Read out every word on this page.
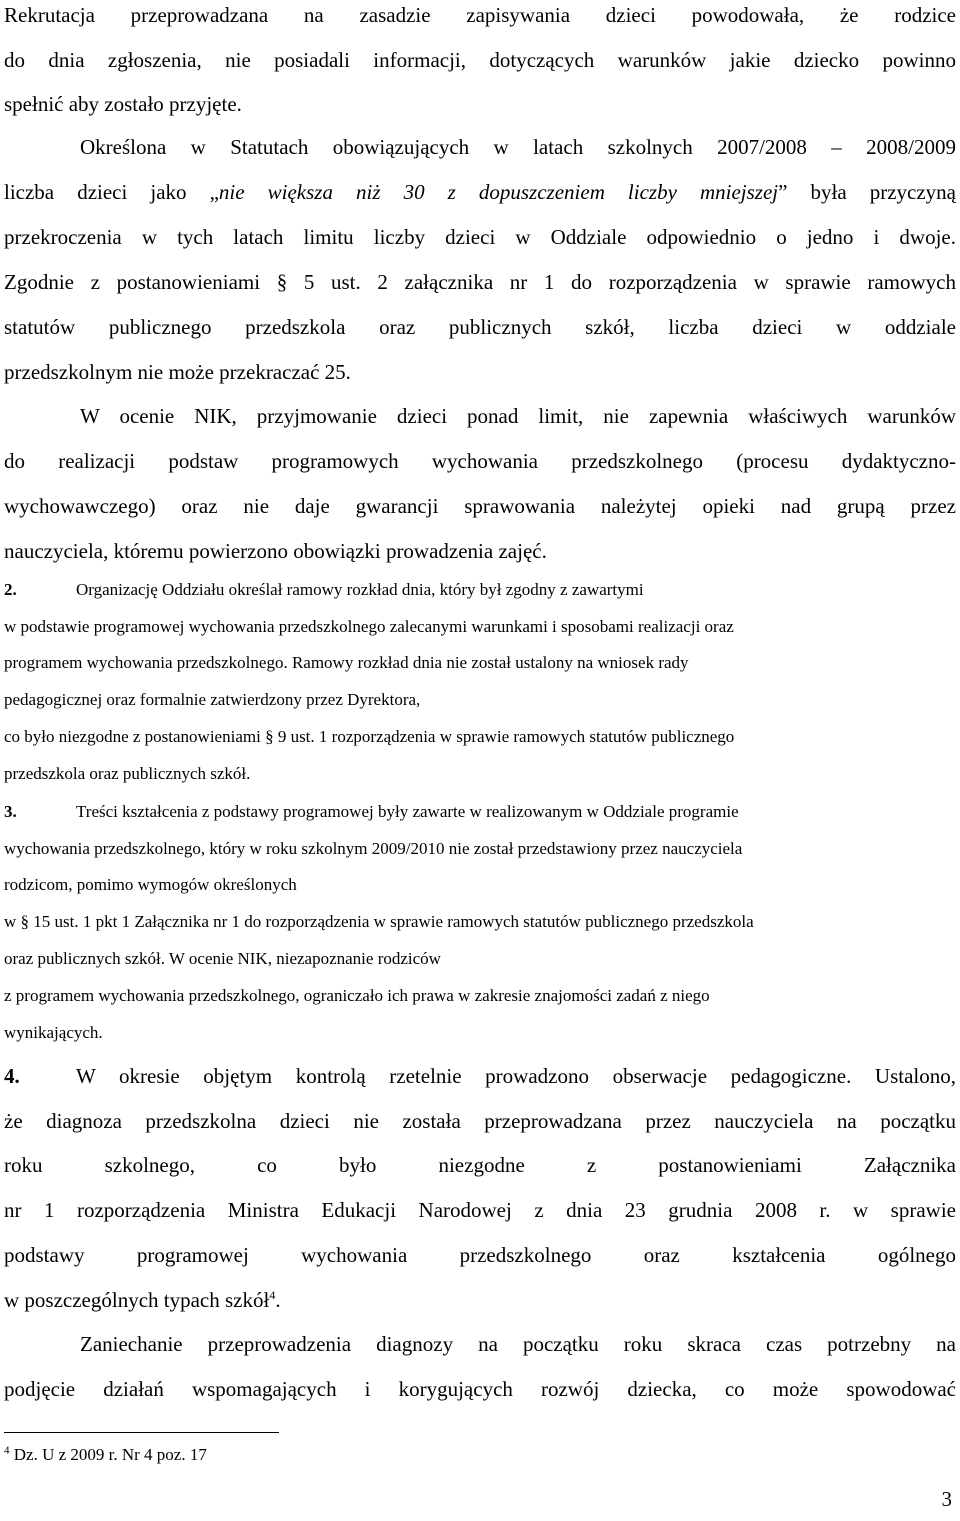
Rekrutacja przeprowadzana na zasadzie zapisywania dzieci powodowała, że rodzice
do dnia zgłoszenia, nie posiadali informacji, dotyczących warunków jakie dziecko powinno
spełnić aby zostało przyjęte.
Określona w Statutach obowiązujących w latach szkolnych 2007/2008 – 2008/2009
liczba dzieci jako „nie większa niż 30 z dopuszczeniem liczby mniejszej” była przyczyną
przekroczenia w tych latach limitu liczby dzieci w Oddziale odpowiednio o jedno i dwoje.
Zgodnie z postanowieniami § 5 ust. 2 załącznika nr 1 do rozporządzenia w sprawie ramowych
statutów publicznego przedszkola oraz publicznych szkół, liczba dzieci w oddziale
przedszkolnym nie może przekraczać 25.
W ocenie NIK, przyjmowanie dzieci ponad limit, nie zapewnia właściwych warunków
do realizacji podstaw programowych wychowania przedszkolnego (procesu dydaktyczno-
wychowawczego) oraz nie daje gwarancji sprawowania należytej opieki nad grupą przez
nauczyciela, któremu powierzono obowiązki prowadzenia zajęć.
2.	Organizację Oddziału określał ramowy rozkład dnia, który był zgodny z zawartymi
w podstawie programowej wychowania przedszkolnego zalecanymi warunkami i sposobami realizacji oraz
programem wychowania przedszkolnego. Ramowy rozkład dnia nie został ustalony na wniosek rady
pedagogicznej oraz formalnie zatwierdzony przez Dyrektora,
co było niezgodne z postanowieniami § 9 ust. 1 rozporządzenia w sprawie ramowych statutów publicznego
przedszkola oraz publicznych szkół.
3.	Treści kształcenia z podstawy programowej były zawarte w realizowanym w Oddziale programie
wychowania przedszkolnego, który w roku szkolnym 2009/2010 nie został przedstawiony przez nauczyciela
rodzicom, pomimo wymogów określonych
w § 15 ust. 1 pkt 1 Załącznika nr 1 do rozporządzenia w sprawie ramowych statutów publicznego przedszkola
oraz publicznych szkół. W ocenie NIK, niezapoznanie rodziców
z programem wychowania przedszkolnego, ograniczało ich prawa w zakresie znajomości zadań z niego
wynikających.
4.	W okresie objętym kontrolą rzetelnie prowadzono obserwacje pedagogiczne. Ustalono,
że diagnoza przedszkolna dzieci nie została przeprowadzana przez nauczyciela na początku
roku szkolnego, co było niezgodne z postanowieniami Załącznika
nr 1 rozporządzenia Ministra Edukacji Narodowej z dnia 23 grudnia 2008 r. w sprawie
podstawy programowej wychowania przedszkolnego oraz kształcenia ogólnego
w poszczególnych typach szkół$^4$.
Zaniechanie przeprowadzenia diagnozy na początku roku skraca czas potrzebny na
podjęcie działań wspomagających i korygujących rozwój dziecka, co może spowodować
$^4$ Dz. U z 2009 r. Nr 4 poz. 17
3
